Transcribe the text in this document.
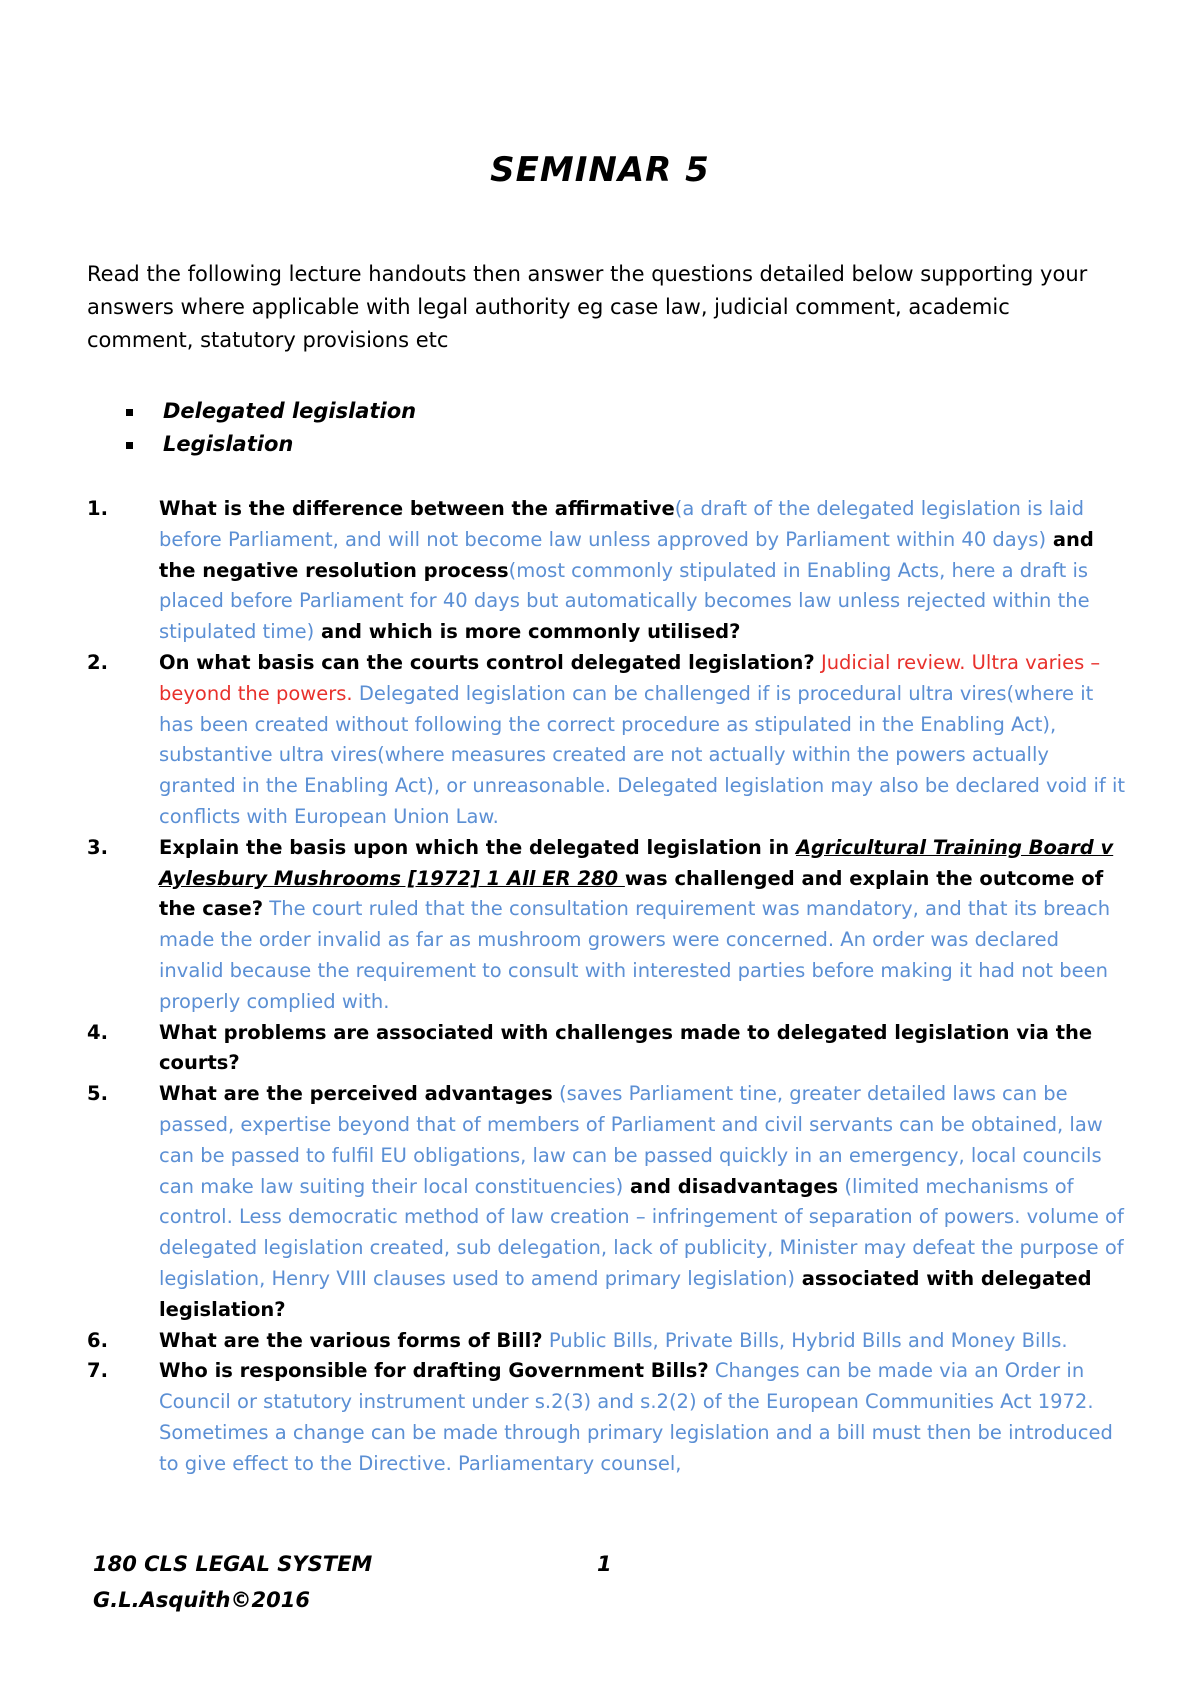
SEMINAR 5
Read the following lecture handouts then answer the questions detailed below supporting your answers where applicable with legal authority eg case law, judicial comment, academic comment, statutory provisions etc
Delegated legislation
Legislation
1.	What is the difference between the affirmative(a draft of the delegated legislation is laid before Parliament, and will not become law unless approved by Parliament within 40 days) and the negative resolution process(most commonly stipulated in Enabling Acts, here a draft is placed before Parliament for 40 days but automatically becomes law unless rejected within the stipulated time) and which is more commonly utilised?
2.	On what basis can the courts control delegated legislation? Judicial review. Ultra varies – beyond the powers. Delegated legislation can be challenged if is procedural ultra vires(where it has been created without following the correct procedure as stipulated in the Enabling Act), substantive ultra vires(where measures created are not actually within the powers actually granted in the Enabling Act), or unreasonable. Delegated legislation may also be declared void if it conflicts with European Union Law.
3.	Explain the basis upon which the delegated legislation in Agricultural Training Board v Aylesbury Mushrooms [1972] 1 All ER 280 was challenged and explain the outcome of the case? The court ruled that the consultation requirement was mandatory, and that its breach made the order invalid as far as mushroom growers were concerned. An order was declared invalid because the requirement to consult with interested parties before making it had not been properly complied with.
4.	What problems are associated with challenges made to delegated legislation via the courts?
5.	What are the perceived advantages (saves Parliament tine, greater detailed laws can be passed, expertise beyond that of members of Parliament and civil servants can be obtained, law can be passed to fulfil EU obligations, law can be passed quickly in an emergency, local councils can make law suiting their local constituencies) and disadvantages (limited mechanisms of control. Less democratic method of law creation – infringement of separation of powers. volume of delegated legislation created, sub delegation, lack of publicity, Minister may defeat the purpose of legislation, Henry VIII clauses used to amend primary legislation) associated with delegated legislation?
6.	What are the various forms of Bill? Public Bills, Private Bills, Hybrid Bills and Money Bills.
7.	Who is responsible for drafting Government Bills? Changes can be made via an Order in Council or statutory instrument under s.2(3) and s.2(2) of the European Communities Act 1972. Sometimes a change can be made through primary legislation and a bill must then be introduced to give effect to the Directive. Parliamentary counsel,
180 CLS LEGAL SYSTEM	1
G.L.Asquith©2016
